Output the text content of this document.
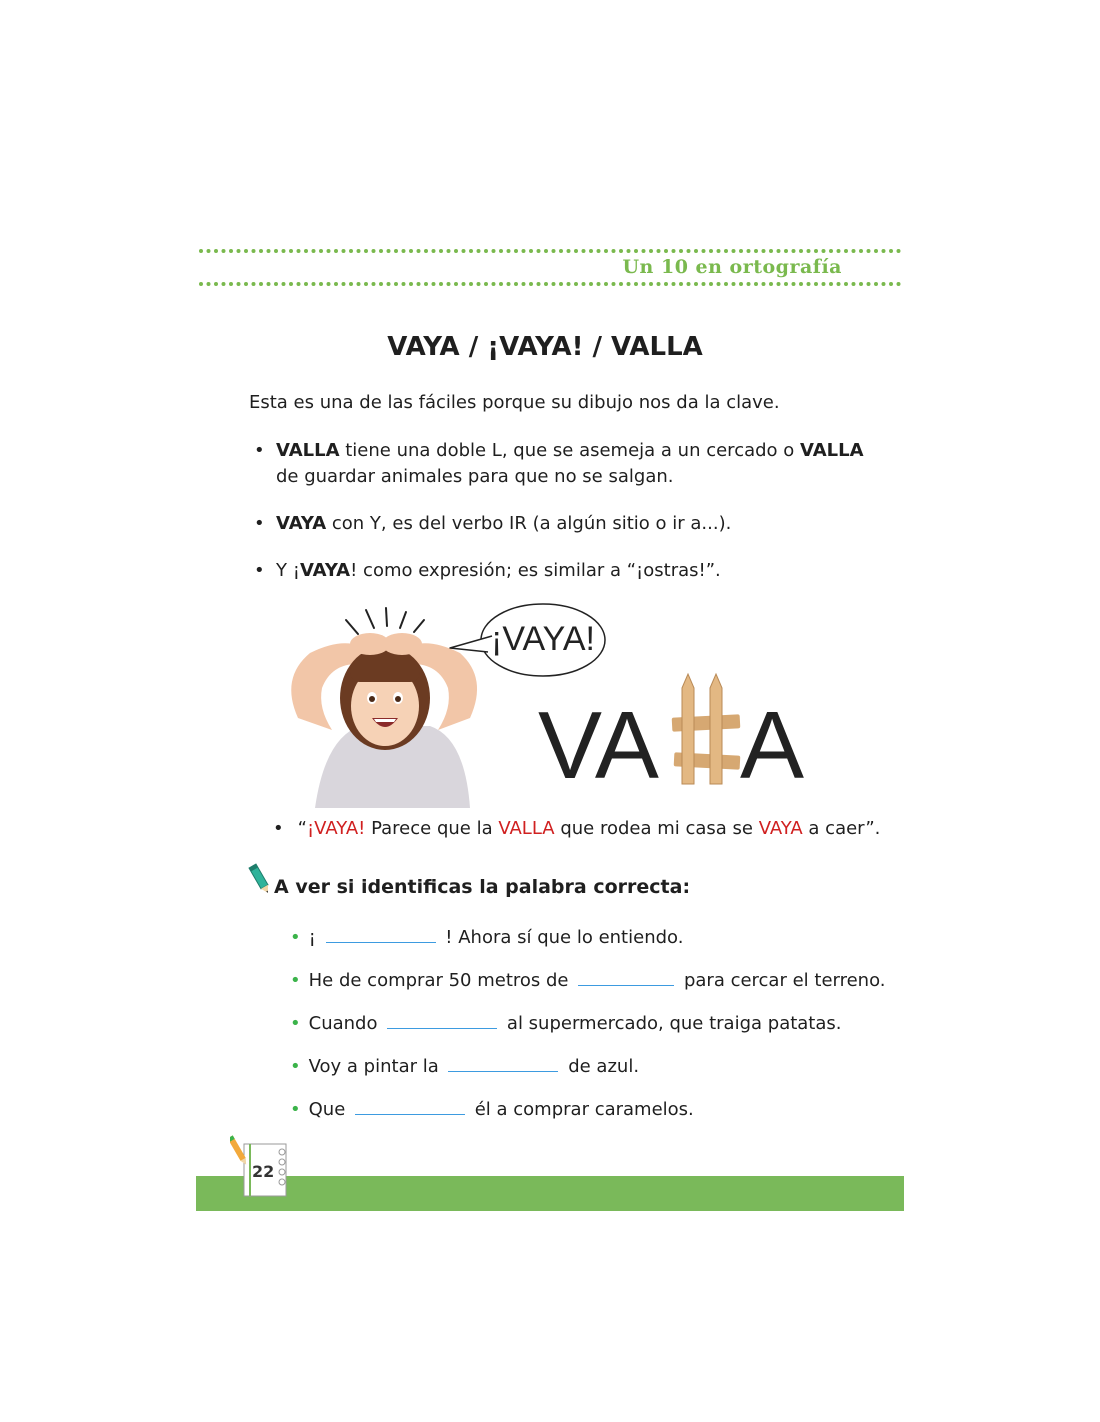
Un 10 en ortografía
VAYA / ¡VAYA! / VALLA
Esta es una de las fáciles porque su dibujo nos da la clave.
• VALLA tiene una doble L, que se asemeja a un cercado o VALLA de guardar animales para que no se salgan.
• VAYA con Y, es del verbo IR (a algún sitio o ir a...).
• Y ¡VAYA! como expresión; es similar a “¡ostras!”.
¡VAYA!
VA A
• “¡VAYA! Parece que la VALLA que rodea mi casa se VAYA a caer”.
A ver si identificas la palabra correcta:
• ¡	! Ahora sí que lo entiendo.
• He de comprar 50 metros de	para cercar el terreno.
• Cuando	al supermercado, que traiga patatas.
• Voy a pintar la	de azul.
• Que	él a comprar caramelos.
22
